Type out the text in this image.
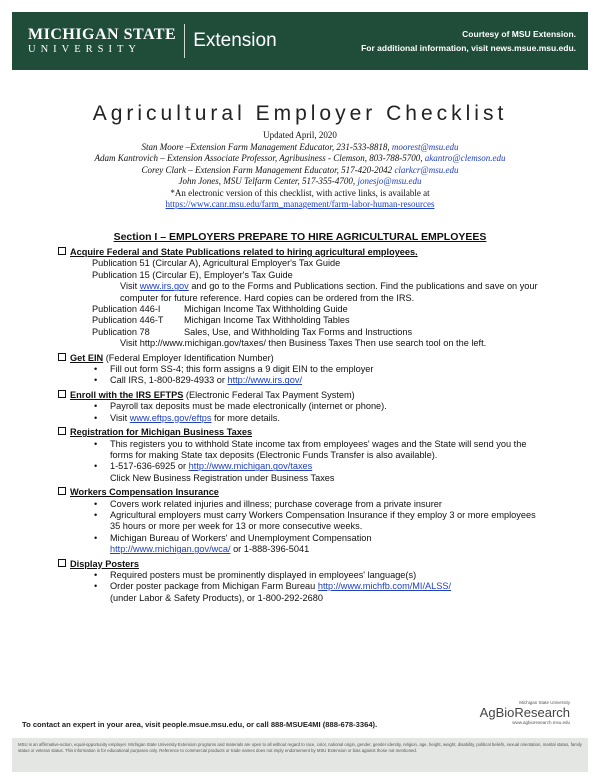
MICHIGAN STATE
UNIVERSITY	Extension	Courtesy of MSU Extension.
For additional information, visit news.msue.msu.edu.
Agricultural Employer Checklist
Updated April, 2020
Stan Moore –Extension Farm Management Educator, 231-533-8818, moorest@msu.edu
Adam Kantrovich – Extension Associate Professor, Agribusiness - Clemson, 803-788-5700, akantro@clemson.edu
Corey Clark – Extension Farm Management Educator, 517-420-2042 clarkcr@msu.edu
John Jones, MSU Telfarm Center, 517-355-4700, jonesjo@msu.edu
*An electronic version of this checklist, with active links, is available at
https://www.canr.msu.edu/farm_management/farm-labor-human-resources
Section I – EMPLOYERS PREPARE TO HIRE AGRICULTURAL EMPLOYEES
Acquire Federal and State Publications related to hiring agricultural employees.
Publication 51 (Circular A), Agricultural Employer's Tax Guide
Publication 15 (Circular E), Employer's Tax Guide
Visit www.irs.gov and go to the Forms and Publications section. Find the publications and save on your computer for future reference. Hard copies can be ordered from the IRS.
Publication 446-I	Michigan Income Tax Withholding Guide
Publication 446-T	Michigan Income Tax Withholding Tables
Publication 78	Sales, Use, and Withholding Tax Forms and Instructions
Visit http://www.michigan.gov/taxes/ then Business Taxes Then use search tool on the left.
Get EIN (Federal Employer Identification Number)
• Fill out form SS-4; this form assigns a 9 digit EIN to the employer
• Call IRS, 1-800-829-4933 or http://www.irs.gov/
Enroll with the IRS EFTPS (Electronic Federal Tax Payment System)
• Payroll tax deposits must be made electronically (internet or phone).
• Visit www.eftps.gov/eftps for more details.
Registration for Michigan Business Taxes
• This registers you to withhold State income tax from employees' wages and the State will send you the forms for making State tax deposits (Electronic Funds Transfer is also available).
• 1-517-636-6925 or http://www.michigan.gov/taxes
Click New Business Registration under Business Taxes
Workers Compensation Insurance
• Covers work related injuries and illness; purchase coverage from a private insurer
• Agricultural employers must carry Workers Compensation Insurance if they employ 3 or more employees 35 hours or more per week for 13 or more consecutive weeks.
• Michigan Bureau of Workers' and Unemployment Compensation
http://www.michigan.gov/wca/ or 1-888-396-5041
Display Posters
• Required posters must be prominently displayed in employees' language(s)
• Order poster package from Michigan Farm Bureau http://www.michfb.com/MI/ALSS/
(under Labor & Safety Products), or 1-800-292-2680
Michigan State University
AgBioResearch
www.agbioresearch.msu.edu
To contact an expert in your area, visit people.msue.msu.edu, or call 888-MSUE4MI (888-678-3364).
MSU is an affirmative-action, equal-opportunity employer. Michigan State University Extension programs and materials are open to all without regard to race, color, national origin, gender, gender identity, religion, age, height, weight, disability, political beliefs, sexual orientation, marital status, family status or veteran status. This information is for educational purposes only. Reference to commercial products or trade names does not imply endorsement by MSU Extension or bias against those not mentioned.
